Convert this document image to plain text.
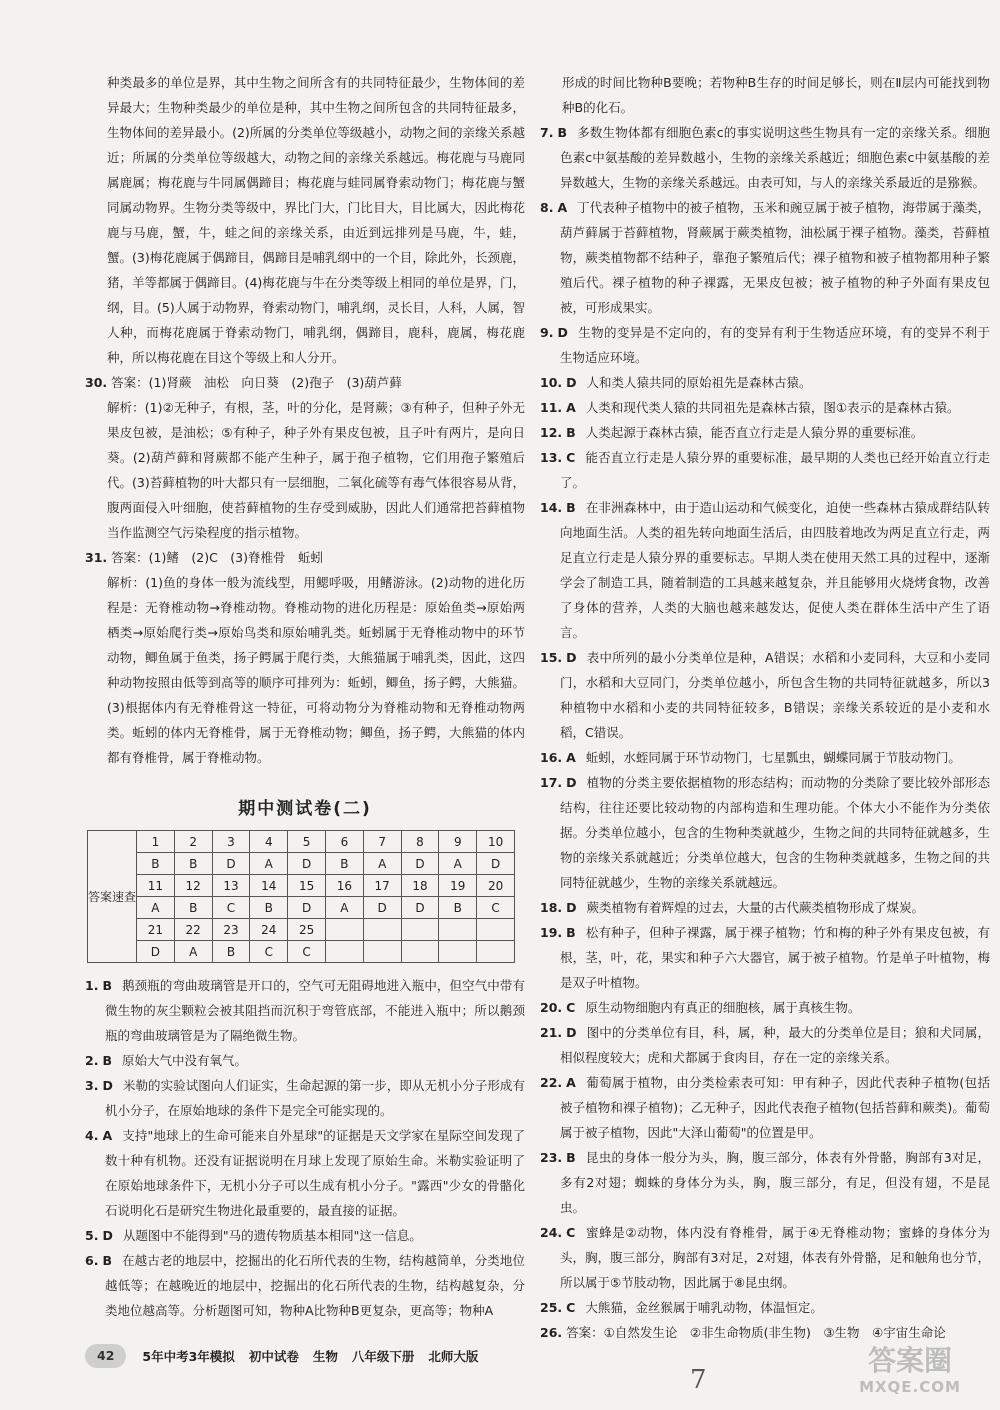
种类最多的单位是界，其中生物之间所含有的共同特征最少，生物体间的差异最大；生物种类最少的单位是种，其中生物之间所包含的共同特征最多，生物体间的差异最小。(2)所属的分类单位等级越小，动物之间的亲缘关系越近；所属的分类单位等级越大，动物之间的亲缘关系越远。梅花鹿与马鹿同属鹿属；梅花鹿与牛同属偶蹄目；梅花鹿与蛙同属脊索动物门；梅花鹿与蟹同属动物界。生物分类等级中，界比门大，门比目大，目比属大，因此梅花鹿与马鹿，蟹，牛，蛙之间的亲缘关系，由近到远排列是马鹿，牛，蛙，蟹。(3)梅花鹿属于偶蹄目，偶蹄目是哺乳纲中的一个目，除此外，长颈鹿，猪，羊等都属于偶蹄目。(4)梅花鹿与牛在分类等级上相同的单位是界，门，纲，目。(5)人属于动物界，脊索动物门，哺乳纲，灵长目，人科，人属，智人种，而梅花鹿属于脊索动物门，哺乳纲，偶蹄目，鹿科，鹿属，梅花鹿种，所以梅花鹿在目这个等级上和人分开。

30. 答案：(1)肾蕨　油松　向日葵　(2)孢子　(3)葫芦藓

解析：(1)②无种子，有根，茎，叶的分化，是肾蕨；③有种子，但种子外无果皮包被，是油松；⑤有种子，种子外有果皮包被，且子叶有两片，是向日葵。(2)葫芦藓和肾蕨都不能产生种子，属于孢子植物，它们用孢子繁殖后代。(3)苔藓植物的叶大都只有一层细胞，二氧化硫等有毒气体很容易从背，腹两面侵入叶细胞，使苔藓植物的生存受到威胁，因此人们通常把苔藓植物当作监测空气污染程度的指示植物。

31. 答案：(1)鳍　(2)C　(3)脊椎骨　蚯蚓

解析：(1)鱼的身体一般为流线型，用鳃呼吸，用鳍游泳。(2)动物的进化历程是：无脊椎动物→脊椎动物。脊椎动物的进化历程是：原始鱼类→原始两栖类→原始爬行类→原始鸟类和原始哺乳类。蚯蚓属于无脊椎动物中的环节动物，鲫鱼属于鱼类，扬子鳄属于爬行类，大熊猫属于哺乳类，因此，这四种动物按照由低等到高等的顺序可排列为：蚯蚓，鲫鱼，扬子鳄，大熊猫。(3)根据体内有无脊椎骨这一特征，可将动物分为脊椎动物和无脊椎动物两类。蚯蚓的体内无脊椎骨，属于无脊椎动物；鲫鱼，扬子鳄，大熊猫的体内都有脊椎骨，属于脊椎动物。

期中测试卷(二)
答案速查	1	2	3	4	5	6	7	8	9	10
	B	B	D	A	D	B	A	D	A	D
	11	12	13	14	15	16	17	18	19	20
	A	B	C	B	D	A	D	D	B	C
	21	22	23	24	25					
	D	A	B	C	C					

1. B 鹅颈瓶的弯曲玻璃管是开口的，空气可无阻碍地进入瓶中，但空气中带有微生物的灰尘颗粒会被其阻挡而沉积于弯管底部，不能进入瓶中；所以鹅颈瓶的弯曲玻璃管是为了隔绝微生物。

2. B 原始大气中没有氧气。

3. D 米勒的实验试图向人们证实，生命起源的第一步，即从无机小分子形成有机小分子，在原始地球的条件下是完全可能实现的。

4. A 支持"地球上的生命可能来自外星球"的证据是天文学家在星际空间发现了数十种有机物。还没有证据说明在月球上发现了原始生命。米勒实验证明了在原始地球条件下，无机小分子可以生成有机小分子。"露西"少女的骨骼化石说明化石是研究生物进化最重要的，最直接的证据。

5. D 从题图中不能得到"马的遗传物质基本相同"这一信息。

6. B 在越古老的地层中，挖掘出的化石所代表的生物，结构越简单，分类地位越低等；在越晚近的地层中，挖掘出的化石所代表的生物，结构越复杂，分类地位越高等。分析题图可知，物种A比物种B更复杂，更高等；物种A

形成的时间比物种B要晚；若物种B生存的时间足够长，则在Ⅱ层内可能找到物种B的化石。

7. B 多数生物体都有细胞色素c的事实说明这些生物具有一定的亲缘关系。细胞色素c中氨基酸的差异数越小，生物的亲缘关系越近；细胞色素c中氨基酸的差异数越大，生物的亲缘关系越远。由表可知，与人的亲缘关系最近的是猕猴。

8. A 丁代表种子植物中的被子植物，玉米和豌豆属于被子植物，海带属于藻类，葫芦藓属于苔藓植物，肾蕨属于蕨类植物，油松属于裸子植物。藻类，苔藓植物，蕨类植物都不结种子，靠孢子繁殖后代；裸子植物和被子植物都用种子繁殖后代。裸子植物的种子裸露，无果皮包被；被子植物的种子外面有果皮包被，可形成果实。

9. D 生物的变异是不定向的，有的变异有利于生物适应环境，有的变异不利于生物适应环境。

10. D 人和类人猿共同的原始祖先是森林古猿。

11. A 人类和现代类人猿的共同祖先是森林古猿，图①表示的是森林古猿。

12. B 人类起源于森林古猿，能否直立行走是人猿分界的重要标准。

13. C 能否直立行走是人猿分界的重要标准，最早期的人类也已经开始直立行走了。

14. B 在非洲森林中，由于造山运动和气候变化，迫使一些森林古猿成群结队转向地面生活。人类的祖先转向地面生活后，由四肢着地改为两足直立行走，两足直立行走是人猿分界的重要标志。早期人类在使用天然工具的过程中，逐渐学会了制造工具，随着制造的工具越来越复杂，并且能够用火烧烤食物，改善了身体的营养，人类的大脑也越来越发达，促使人类在群体生活中产生了语言。

15. D 表中所列的最小分类单位是种，A错误；水稻和小麦同科，大豆和小麦同门，水稻和大豆同门，分类单位越小，所包含生物的共同特征就越多，所以3种植物中水稻和小麦的共同特征较多，B错误；亲缘关系较近的是小麦和水稻，C错误。

16. A 蚯蚓，水蛭同属于环节动物门，七星瓢虫，蝴蝶同属于节肢动物门。

17. D 植物的分类主要依据植物的形态结构；而动物的分类除了要比较外部形态结构，往往还要比较动物的内部构造和生理功能。个体大小不能作为分类依据。分类单位越小，包含的生物种类就越少，生物之间的共同特征就越多，生物的亲缘关系就越近；分类单位越大，包含的生物种类就越多，生物之间的共同特征就越少，生物的亲缘关系就越远。

18. D 蕨类植物有着辉煌的过去，大量的古代蕨类植物形成了煤炭。

19. B 松有种子，但种子裸露，属于裸子植物；竹和梅的种子外有果皮包被，有根，茎，叶，花，果实和种子六大器官，属于被子植物。竹是单子叶植物，梅是双子叶植物。

20. C 原生动物细胞内有真正的细胞核，属于真核生物。

21. D 图中的分类单位有目，科，属，种，最大的分类单位是目；狼和犬同属，相似程度较大；虎和犬都属于食肉目，存在一定的亲缘关系。

22. A 葡萄属于植物，由分类检索表可知：甲有种子，因此代表种子植物(包括被子植物和裸子植物)；乙无种子，因此代表孢子植物(包括苔藓和蕨类)。葡萄属于被子植物，因此"大泽山葡萄"的位置是甲。

23. B 昆虫的身体一般分为头，胸，腹三部分，体表有外骨骼，胸部有3对足，多有2对翅；蜘蛛的身体分为头，胸，腹三部分，有足，但没有翅，不是昆虫。

24. C 蜜蜂是②动物，体内没有脊椎骨，属于④无脊椎动物；蜜蜂的身体分为头，胸，腹三部分，胸部有3对足，2对翅，体表有外骨骼，足和触角也分节，所以属于⑤节肢动物，因此属于⑧昆虫纲。

25. C 大熊猫，金丝猴属于哺乳动物，体温恒定。

26. 答案：①自然发生论　②非生命物质(非生物)　③生物　④宇宙生命论

42	5年中考3年模拟 初中试卷 生物 八年级下册 北师大版
7
答案圈
MXQE.COM
